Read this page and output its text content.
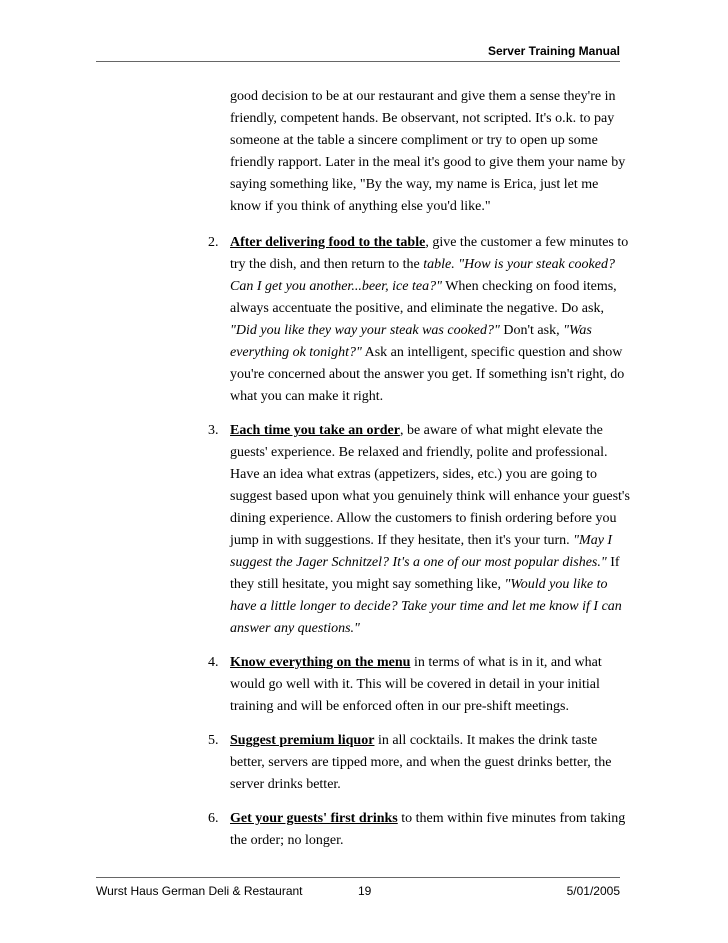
Server Training Manual

good decision to be at our restaurant and give them a sense they're in friendly, competent hands. Be observant, not scripted. It's o.k. to pay someone at the table a sincere compliment or try to open up some friendly rapport. Later in the meal it's good to give them your name by saying something like, "By the way, my name is Erica, just let me know if you think of anything else you'd like."

2. After delivering food to the table, give the customer a few minutes to try the dish, and then return to the table. "How is your steak cooked? Can I get you another...beer, ice tea?" When checking on food items, always accentuate the positive, and eliminate the negative. Do ask, "Did you like they way your steak was cooked?" Don't ask, "Was everything ok tonight?" Ask an intelligent, specific question and show you're concerned about the answer you get. If something isn't right, do what you can make it right.
3. Each time you take an order, be aware of what might elevate the guests' experience. Be relaxed and friendly, polite and professional. Have an idea what extras (appetizers, sides, etc.) you are going to suggest based upon what you genuinely think will enhance your guest's dining experience. Allow the customers to finish ordering before you jump in with suggestions. If they hesitate, then it's your turn. "May I suggest the Jager Schnitzel? It's a one of our most popular dishes." If they still hesitate, you might say something like, "Would you like to have a little longer to decide? Take your time and let me know if I can answer any questions."
4. Know everything on the menu in terms of what is in it, and what would go well with it. This will be covered in detail in your initial training and will be enforced often in our pre-shift meetings.
5. Suggest premium liquor in all cocktails. It makes the drink taste better, servers are tipped more, and when the guest drinks better, the server drinks better.
6. Get your guests' first drinks to them within five minutes from taking the order; no longer.
Wurst Haus German Deli & Restaurant	19	5/01/2005
